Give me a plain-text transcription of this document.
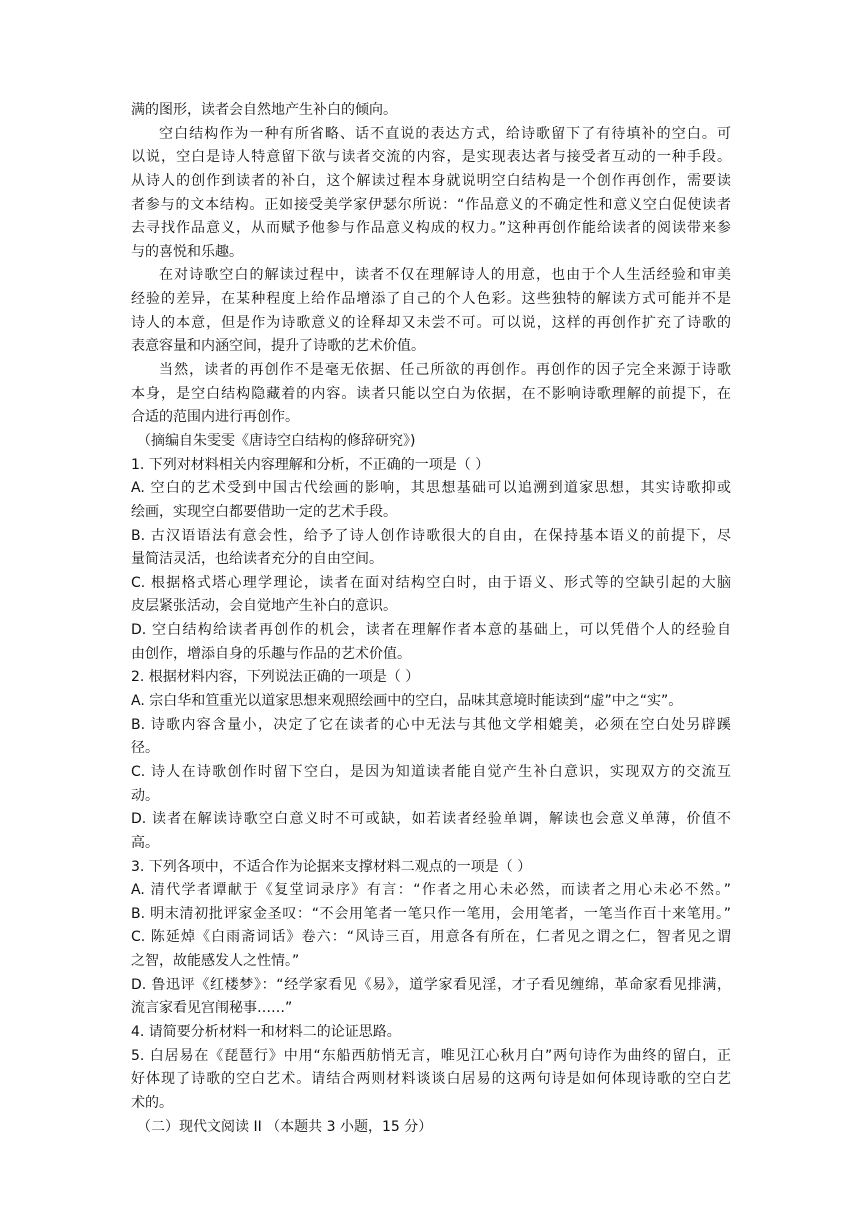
满的图形，读者会自然地产生补白的倾向。
空白结构作为一种有所省略、话不直说的表达方式，给诗歌留下了有待填补的空白。可
以说，空白是诗人特意留下欲与读者交流的内容，是实现表达者与接受者互动的一种手段。
从诗人的创作到读者的补白，这个解读过程本身就说明空白结构是一个创作再创作，需要读
者参与的文本结构。正如接受美学家伊瑟尔所说：“作品意义的不确定性和意义空白促使读者
去寻找作品意义，从而赋予他参与作品意义构成的权力。”这种再创作能给读者的阅读带来参
与的喜悦和乐趣。
在对诗歌空白的解读过程中，读者不仅在理解诗人的用意，也由于个人生活经验和审美
经验的差异，在某种程度上给作品增添了自己的个人色彩。这些独特的解读方式可能并不是
诗人的本意，但是作为诗歌意义的诠释却又未尝不可。可以说，这样的再创作扩充了诗歌的
表意容量和内涵空间，提升了诗歌的艺术价值。
当然，读者的再创作不是毫无依据、任己所欲的再创作。再创作的因子完全来源于诗歌
本身，是空白结构隐藏着的内容。读者只能以空白为依据，在不影响诗歌理解的前提下，在
合适的范围内进行再创作。
（摘编自朱雯雯《唐诗空白结构的修辞研究》)
1. 下列对材料相关内容理解和分析，不正确的一项是（ ）
A. 空白的艺术受到中国古代绘画的影响，其思想基础可以追溯到道家思想，其实诗歌抑或
绘画，实现空白都要借助一定的艺术手段。
B. 古汉语语法有意会性，给予了诗人创作诗歌很大的自由，在保持基本语义的前提下，尽
量简洁灵活，也给读者充分的自由空间。
C. 根据格式塔心理学理论，读者在面对结构空白时，由于语义、形式等的空缺引起的大脑
皮层紧张活动，会自觉地产生补白的意识。
D. 空白结构给读者再创作的机会，读者在理解作者本意的基础上，可以凭借个人的经验自
由创作，增添自身的乐趣与作品的艺术价值。
2. 根据材料内容，下列说法正确的一项是（ ）
A. 宗白华和笪重光以道家思想来观照绘画中的空白，品味其意境时能读到“虚”中之“实”。
B. 诗歌内容含量小，决定了它在读者的心中无法与其他文学相媲美，必须在空白处另辟蹊
径。
C. 诗人在诗歌创作时留下空白，是因为知道读者能自觉产生补白意识，实现双方的交流互
动。
D. 读者在解读诗歌空白意义时不可或缺，如若读者经验单调，解读也会意义单薄，价值不
高。
3. 下列各项中，不适合作为论据来支撑材料二观点的一项是（ ）
A. 清代学者谭献于《复堂词录序》有言：“作者之用心未必然，而读者之用心未必不然。”
B. 明末清初批评家金圣叹：“不会用笔者一笔只作一笔用，会用笔者，一笔当作百十来笔用。”
C. 陈延焯《白雨斋词话》卷六：“风诗三百，用意各有所在，仁者见之谓之仁，智者见之谓
之智，故能感发人之性情。”
D. 鲁迅评《红楼梦》：“经学家看见《易》，道学家看见淫，才子看见缠绵，革命家看见排满，
流言家看见宫闱秘事……”
4. 请简要分析材料一和材料二的论证思路。
5. 白居易在《琵琶行》中用“东船西舫悄无言，唯见江心秋月白”两句诗作为曲终的留白，正
好体现了诗歌的空白艺术。请结合两则材料谈谈白居易的这两句诗是如何体现诗歌的空白艺
术的。
（二）现代文阅读 II （本题共 3 小题，15 分）
